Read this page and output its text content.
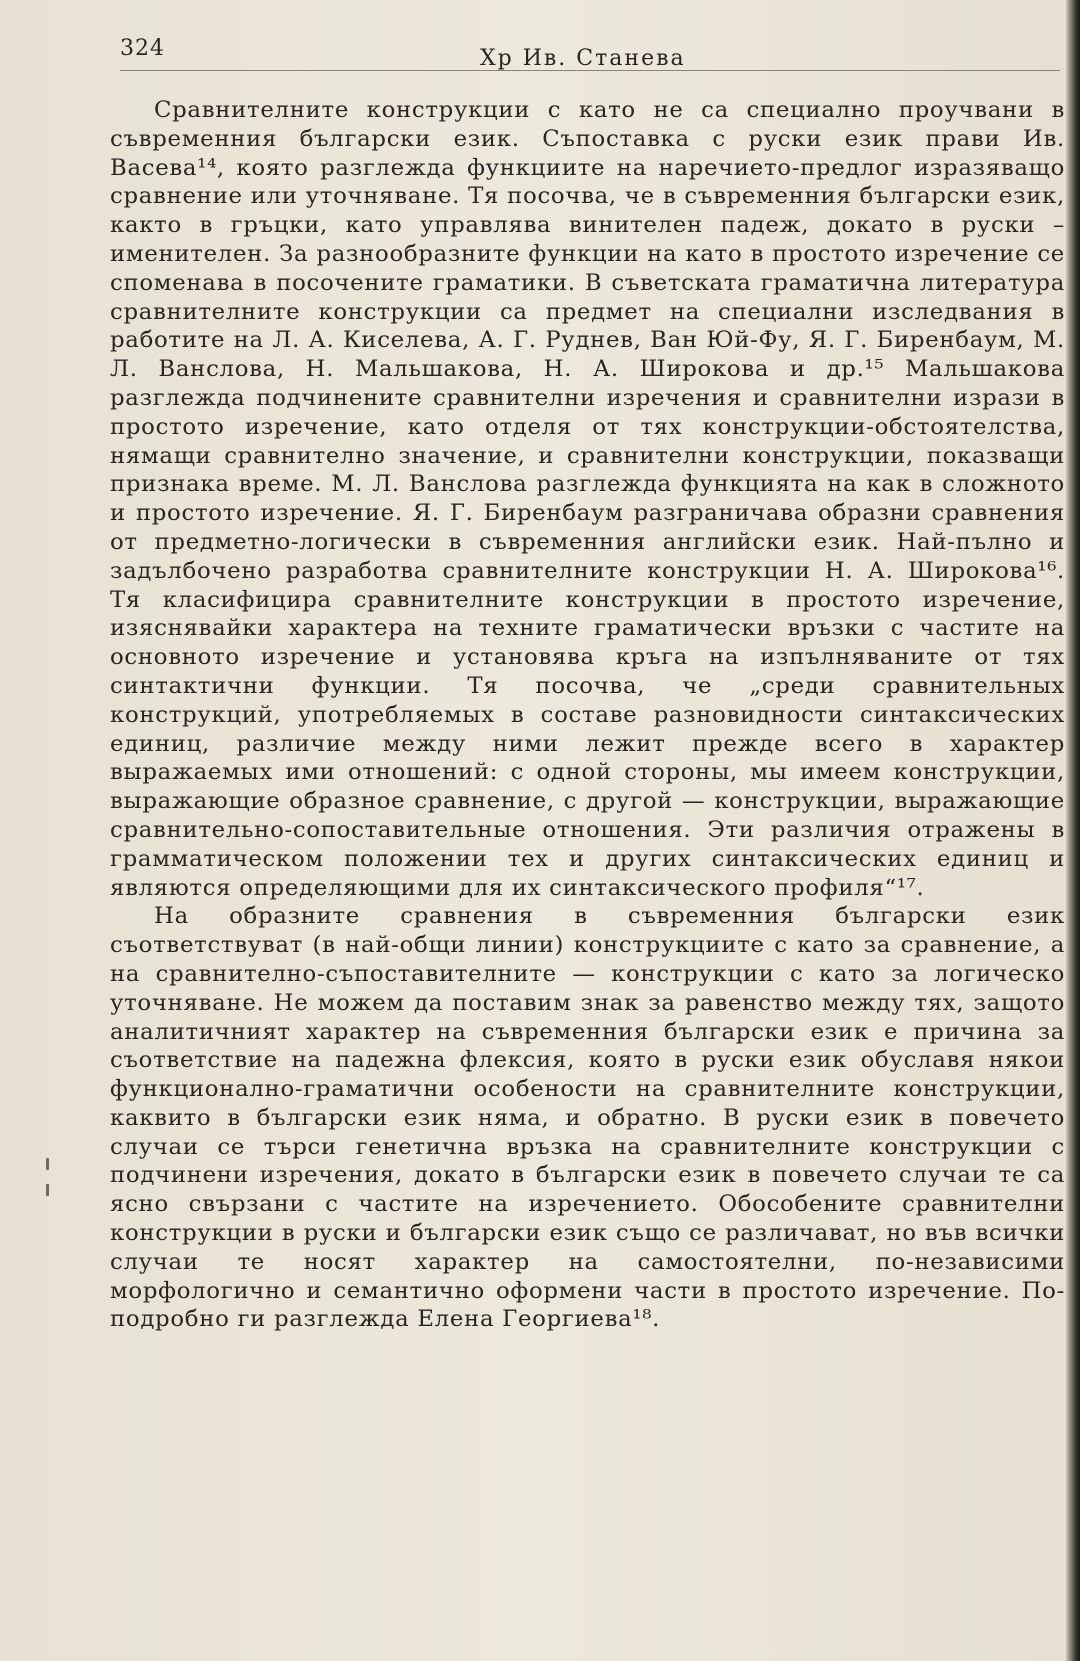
324	Хр Ив. Станева

Сравнителните конструкции с като не са специално проучвани в съвременния български език. Съпоставка с руски език прави Ив. Васева¹⁴, която разглежда функциите на наречието-предлог изразяващо сравнение или уточняване. Тя посочва, че в съвременния български език, както в гръцки, като управлява винителен падеж, докато в руски – именителен. За разнообразните функции на като в простото изречение се споменава в посочените граматики. В съветската граматична литература сравнителните конструкции са предмет на специални изследвания в работите на Л. А. Киселева, А. Г. Руднев, Ван Юй-Фу, Я. Г. Биренбаум, М. Л. Ванслова, Н. Мальшакова, Н. А. Широкова и др.¹⁵ Мальшакова разглежда подчинените сравнителни изречения и сравнителни изрази в простото изречение, като отделя от тях конструкции-обстоятелства, нямащи сравнително значение, и сравнителни конструкции, показващи признака време. М. Л. Ванслова разглежда функцията на как в сложното и простото изречение. Я. Г. Биренбаум разграничава образни сравнения от предметно-логически в съвременния английски език. Най-пълно и задълбочено разработва сравнителните конструкции Н. А. Широкова¹⁶. Тя класифицира сравнителните конструкции в простото изречение, изяснявайки характера на техните граматически връзки с частите на основното изречение и установява кръга на изпълняваните от тях синтактични функции. Тя посочва, че „среди сравнительных конструкций, употребляемых в составе разновидности синтаксических единиц, различие между ними лежит прежде всего в характер выражаемых ими отношений: с одной стороны, мы имеем конструкции, выражающие образное сравнение, с другой — конструкции, выражающие сравнительно-сопоставительные отношения. Эти различия отражены в грамматическом положении тех и других синтаксических единиц и являются определяющими для их синтаксического профиля“¹⁷.

На образните сравнения в съвременния български език съответствуват (в най-общи линии) конструкциите с като за сравнение, а на сравнително-съпоставителните — конструкции с като за логическо уточняване. Не можем да поставим знак за равенство между тях, защото аналитичният характер на съвременния български език е причина за съответствие на падежна флексия, която в руски език обуславя някои функционално-граматични особености на сравнителните конструкции, каквито в български език няма, и обратно. В руски език в повечето случаи се търси генетична връзка на сравнителните конструкции с подчинени изречения, докато в български език в повечето случаи те са ясно свързани с частите на изречението. Обособените сравнителни конструкции в руски и български език също се различават, но във всички случаи те носят характер на самостоятелни, по-независими морфологично и семантично оформени части в простото изречение. По-подробно ги разглежда Елена Георгиева¹⁸.
